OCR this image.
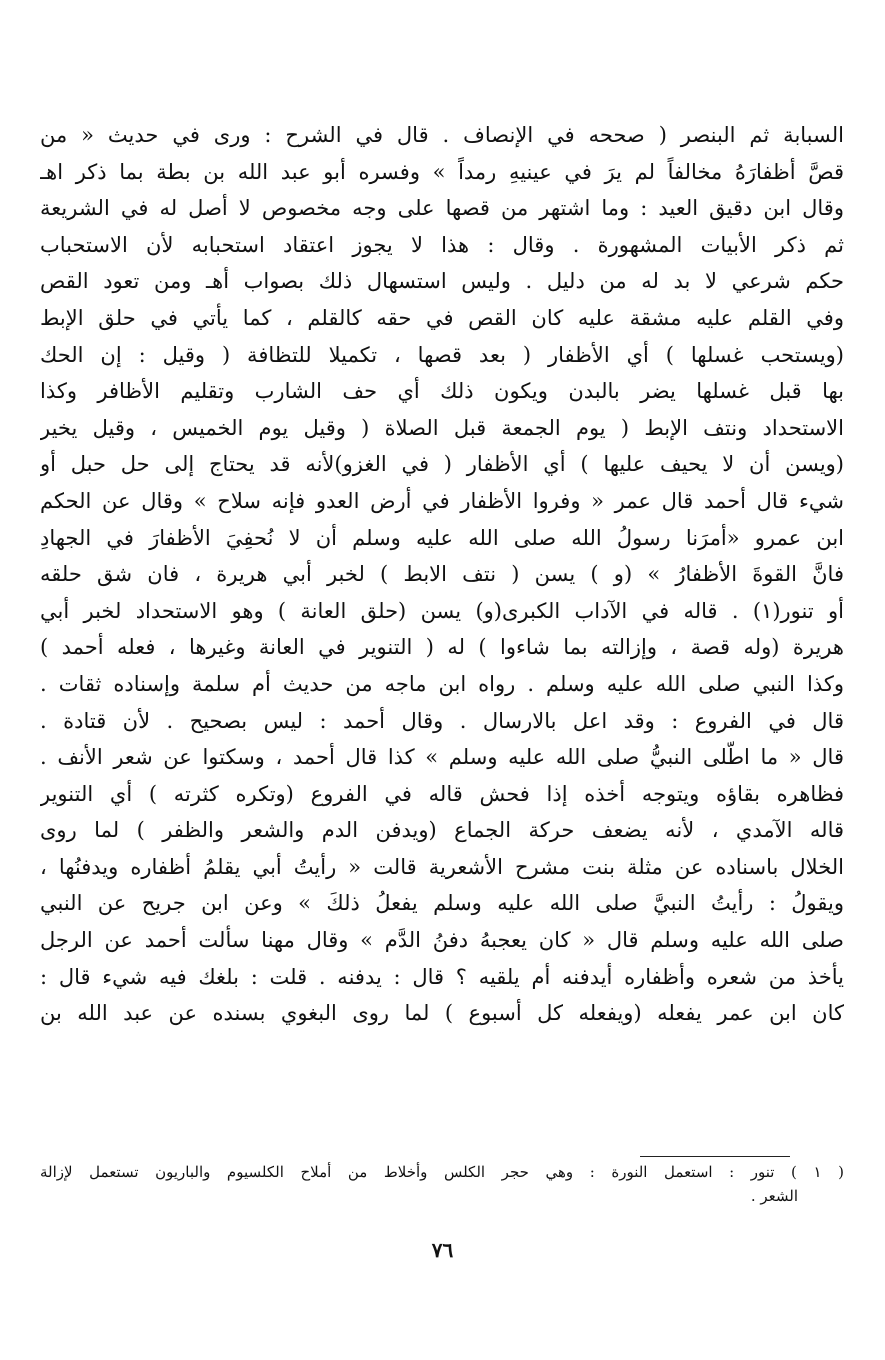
السبابة ثم البنصر ( صححه في الإنصاف . قال في الشرح : وری في حديث « من
قصَّ أظفارَهُ مخالفاً لم يرَ في عينيهِ رمداً » وفسره أبو عبد الله بن بطة بما ذكر اهـ
وقال ابن دقيق العيد : وما اشتهر من قصها على وجه مخصوص لا أصل له في الشريعة
ثم ذكر الأبيات المشهورة . وقال : هذا لا يجوز اعتقاد استحبابه لأن الاستحباب
حكم شرعي لا بد له من دليل . وليس استسهال ذلك بصواب أهـ ومن تعود القص
وفي القلم عليه مشقة عليه كان القص في حقه كالقلم ، كما يأتي في حلق الإبط
(ويستحب غسلها ) أي الأظفار ( بعد قصها ، تكميلا للتظافة ( وقيل : إن الحك
بها قبل غسلها يضر بالبدن ويكون ذلك أي حف الشارب وتقليم الأظافر وكذا
الاستحداد ونتف الإبط ( يوم الجمعة قبل الصلاة ( وقيل يوم الخميس ، وقيل يخير
(ويسن أن لا يحيف عليها ) أي الأظفار ( في الغزو)لأنه قد يحتاج إلى حل حبل أو
شيء قال أحمد قال عمر « وفروا الأظفار في أرض العدو فإنه سلاح » وقال عن الحكم
ابن عمرو «أمرَنا رسولُ الله صلى الله عليه وسلم أن لا نُحفِيَ الأظفارَ في الجهادِ
فانَّ القوةَ الأظفارُ » (و ) يسن ( نتف الابط ) لخبر أبي هريرة ، فان شق حلقه
أو تنور(١) . قاله في الآداب الكبرى(و) يسن (حلق العانة ) وهو الاستحداد لخبر أبي
هريرة (وله قصة ، وإزالته بما شاءوا ) له ( التنوير في العانة وغيرها ، فعله أحمد )
وكذا النبي صلى الله عليه وسلم . رواه ابن ماجه من حديث أم سلمة وإسناده ثقات .
قال في الفروع : وقد اعل بالارسال . وقال أحمد : ليس بصحيح . لأن قتادة .
قال « ما اطّلى النبيُّ صلى الله عليه وسلم » كذا قال أحمد ، وسكتوا عن شعر الأنف .
فظاهره بقاؤه ويتوجه أخذه إذا فحش قاله في الفروع (وتكره كثرته ) أي التنوير
قاله الآمدي ، لأنه يضعف حركة الجماع (ويدفن الدم والشعر والظفر ) لما روى
الخلال باسناده عن مثلة بنت مشرح الأشعرية قالت « رأيتُ أبي يقلمُ أظفاره ويدفنُها ،
ويقولُ : رأيتُ النبيَّ صلى الله عليه وسلم يفعلُ ذلكَ » وعن ابن جريح عن النبي
صلى الله عليه وسلم قال « كان يعجبهُ دفنُ الدَّم » وقال مهنا سألت أحمد عن الرجل
يأخذ من شعره وأظفاره أيدفنه أم يلقيه ؟ قال : يدفنه . قلت : بلغك فيه شيء قال :
كان ابن عمر يفعله (ويفعله كل أسبوع ) لما روى البغوي بسنده عن عبد الله بن
( ١ ) تنور : استعمل النورة : وهي حجر الكلس وأخلاط من أملاح الكلسيوم والباريون تستعمل لإزالة
الشعر .
٧٦
